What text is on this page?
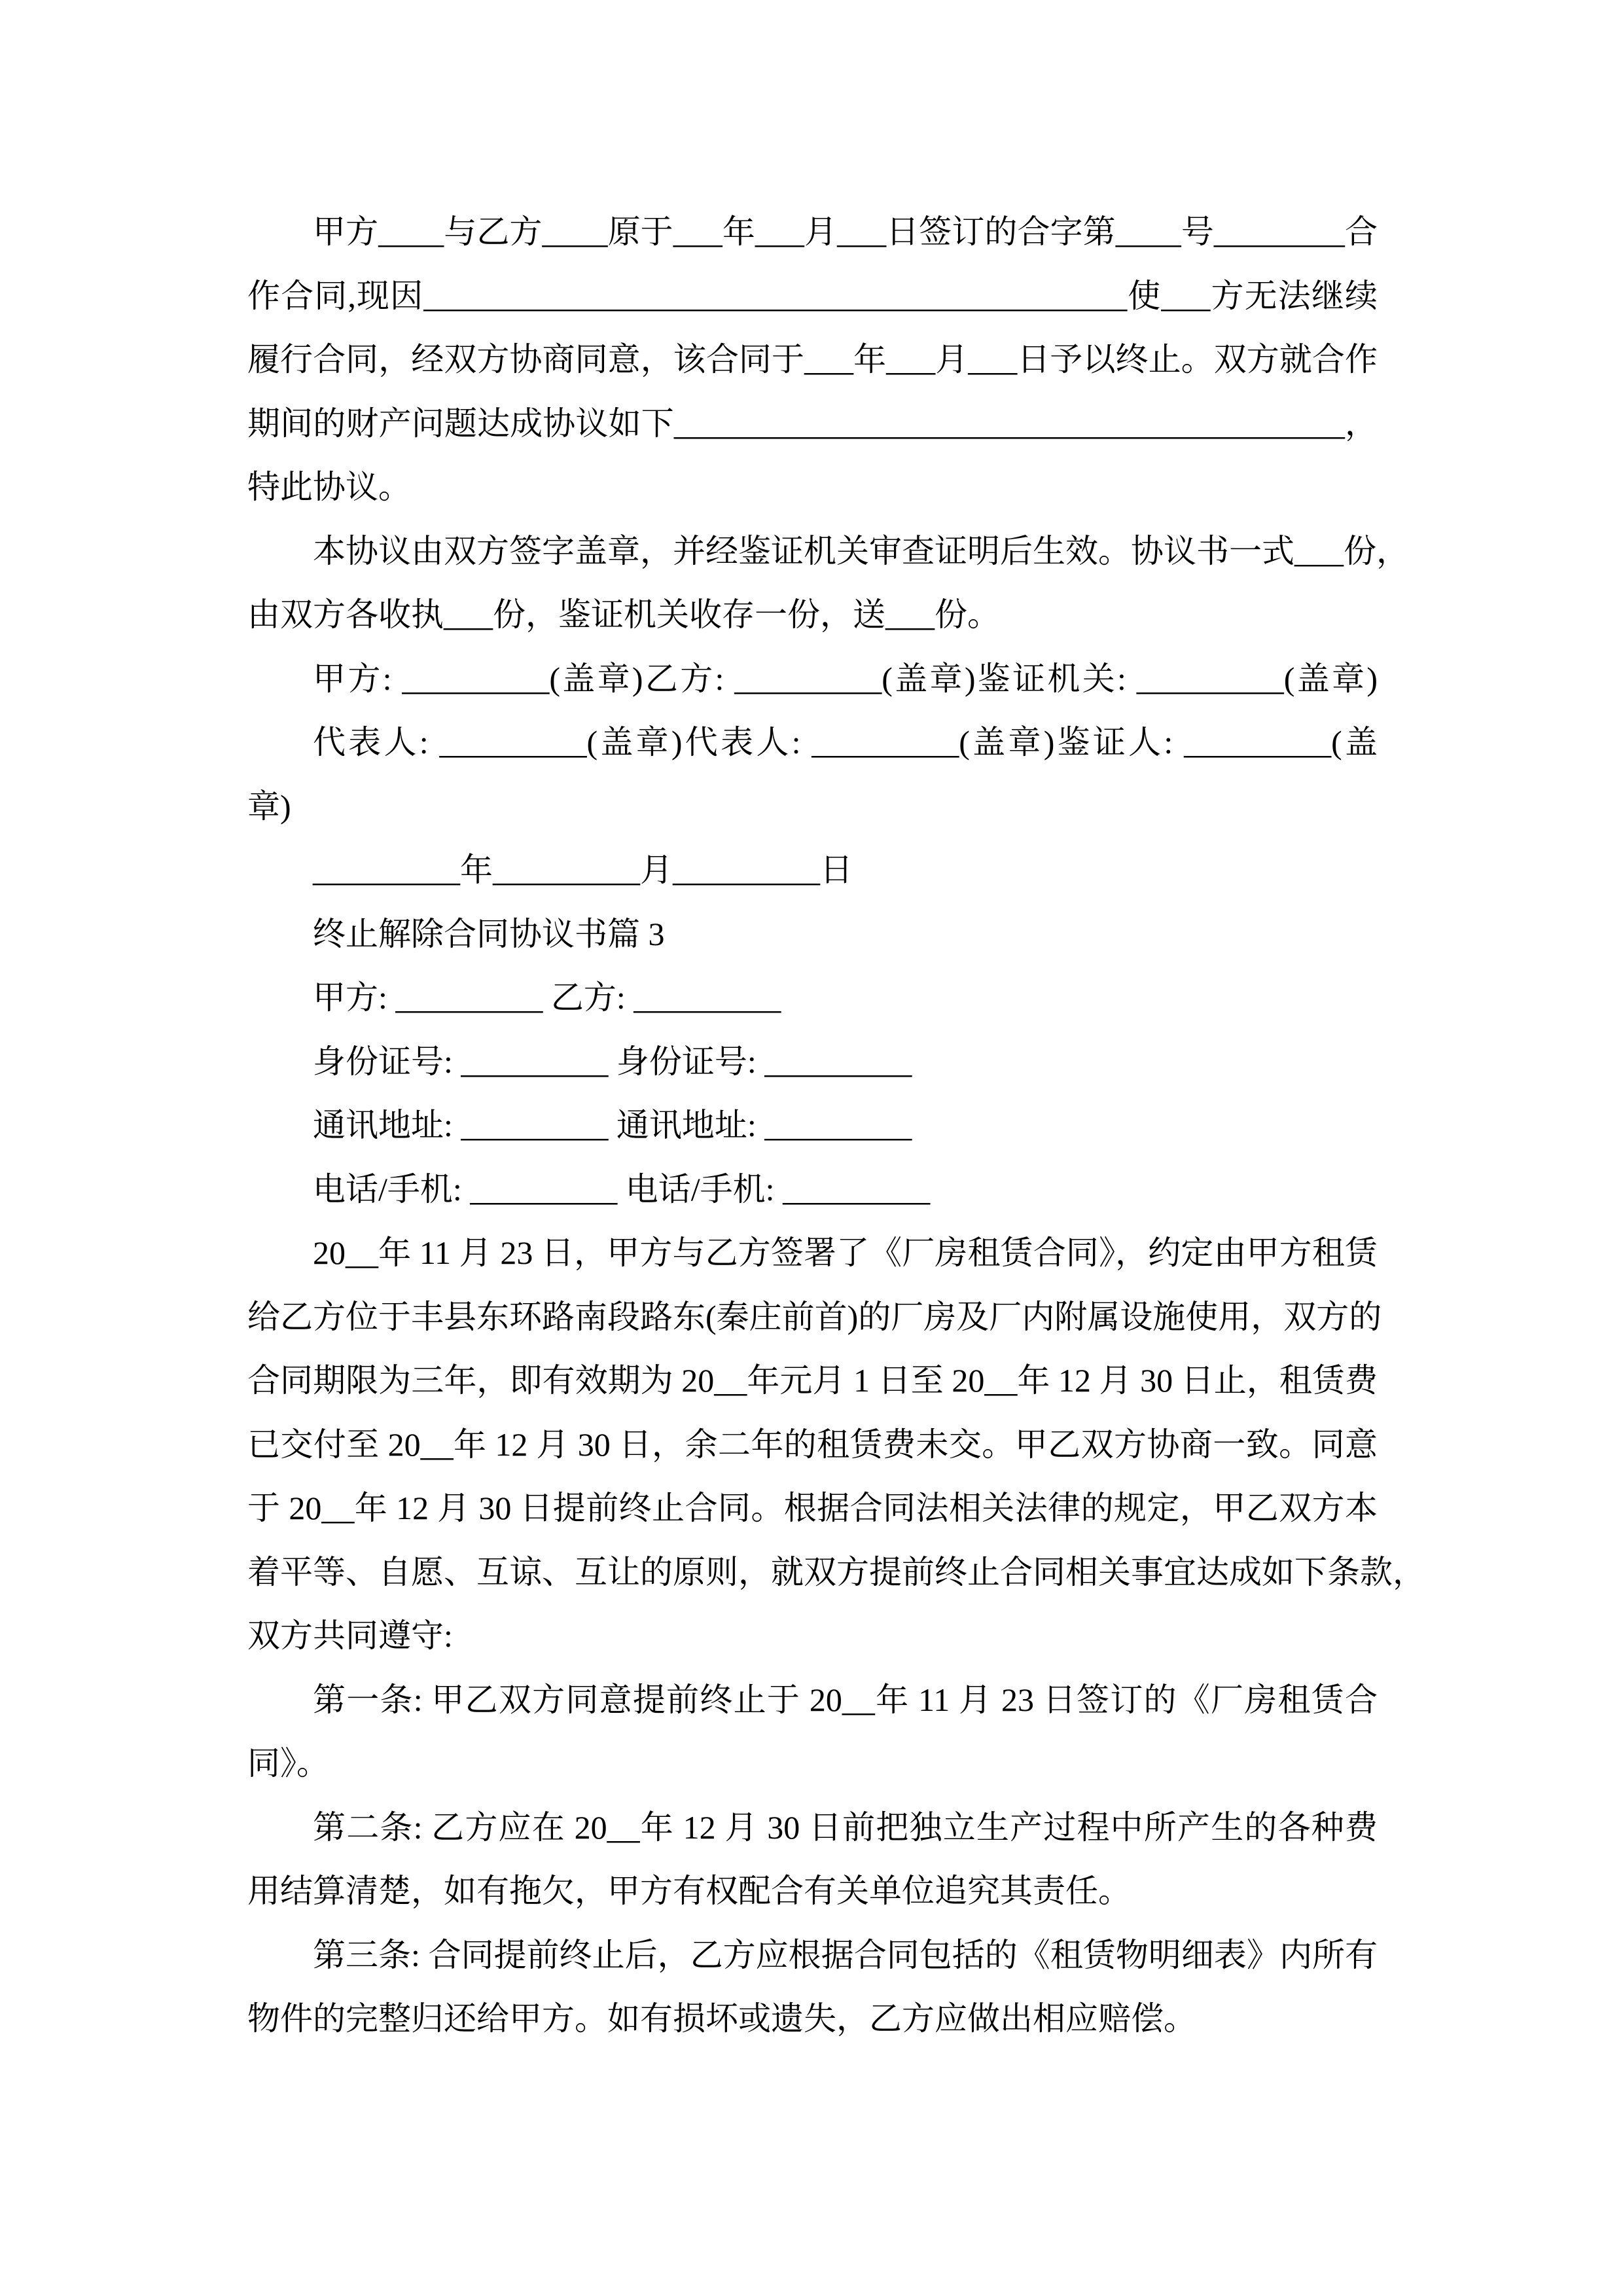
甲方____与乙方____原于___年___月___日签订的合字第____号________合
作合同,现因___________________________________________使___方无法继续
履行合同，经双方协商同意，该合同于___年___月___日予以终止。双方就合作
期间的财产问题达成协议如下_________________________________________，
特此协议。
本协议由双方签字盖章，并经鉴证机关审查证明后生效。协议书一式___份，
由双方各收执___份，鉴证机关收存一份，送___份。
甲方: _________(盖章)乙方: _________(盖章)鉴证机关: _________(盖章)
代表人: _________(盖章)代表人: _________(盖章)鉴证人: _________(盖
章)
_________年_________月_________日
终止解除合同协议书篇 3
甲方: _________ 乙方: _________
身份证号: _________ 身份证号: _________
通讯地址: _________ 通讯地址: _________
电话/手机: _________ 电话/手机: _________
20__年 11 月 23 日，甲方与乙方签署了《厂房租赁合同》，约定由甲方租赁
给乙方位于丰县东环路南段路东(秦庄前首)的厂房及厂内附属设施使用，双方的
合同期限为三年，即有效期为 20__年元月 1 日至 20__年 12 月 30 日止，租赁费
已交付至 20__年 12 月 30 日，余二年的租赁费未交。甲乙双方协商一致。同意
于 20__年 12 月 30 日提前终止合同。根据合同法相关法律的规定，甲乙双方本
着平等、自愿、互谅、互让的原则，就双方提前终止合同相关事宜达成如下条款，
双方共同遵守:
第一条: 甲乙双方同意提前终止于 20__年 11 月 23 日签订的《厂房租赁合
同》。
第二条: 乙方应在 20__年 12 月 30 日前把独立生产过程中所产生的各种费
用结算清楚，如有拖欠，甲方有权配合有关单位追究其责任。
第三条: 合同提前终止后，乙方应根据合同包括的《租赁物明细表》内所有
物件的完整归还给甲方。如有损坏或遗失，乙方应做出相应赔偿。
